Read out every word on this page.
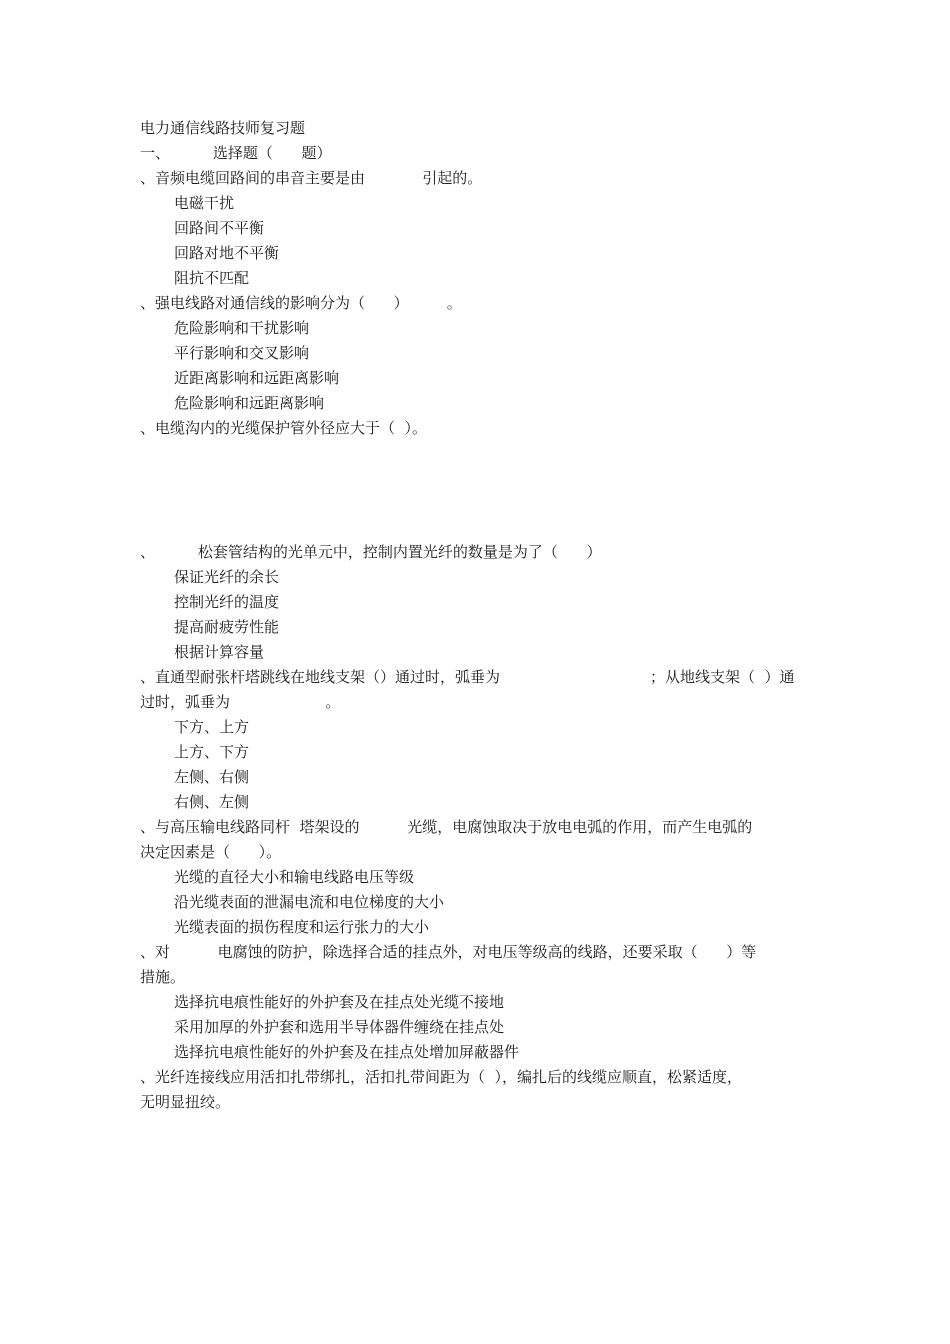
电力通信线路技师复习题
一、         选择题（      题）
、音频电缆回路间的串音主要是由            引起的。
电磁干扰
回路间不平衡
回路对地不平衡
阻抗不匹配
、强电线路对通信线的影响分为（      ）        。
危险影响和干扰影响
平行影响和交叉影响
近距离影响和远距离影响
危险影响和远距离影响
、电缆沟内的光缆保护管外径应大于（  ）。
、         松套管结构的光单元中，控制内置光纤的数量是为了（      ）
保证光纤的余长
控制光纤的温度
提高耐疲劳性能
根据计算容量
、直通型耐张杆塔跳线在地线支架（）通过时，弧垂为	；从地线支架（  ）通
过时，弧垂为                    。
下方、上方
上方、下方
左侧、右侧
右侧、左侧
、与高压输电线路同杆  塔架设的          光缆，电腐蚀取决于放电电弧的作用，而产生电弧的
决定因素是（      ）。
光缆的直径大小和输电线路电压等级
沿光缆表面的泄漏电流和电位梯度的大小
光缆表面的损伤程度和运行张力的大小
、对          电腐蚀的防护，除选择合适的挂点外，对电压等级高的线路，还要采取（      ）等
措施。
选择抗电痕性能好的外护套及在挂点处光缆不接地
采用加厚的外护套和选用半导体器件缠绕在挂点处
选择抗电痕性能好的外护套及在挂点处增加屏蔽器件
、光纤连接线应用活扣扎带绑扎，活扣扎带间距为（  ），编扎后的线缆应顺直，松紧适度，
无明显扭绞。
